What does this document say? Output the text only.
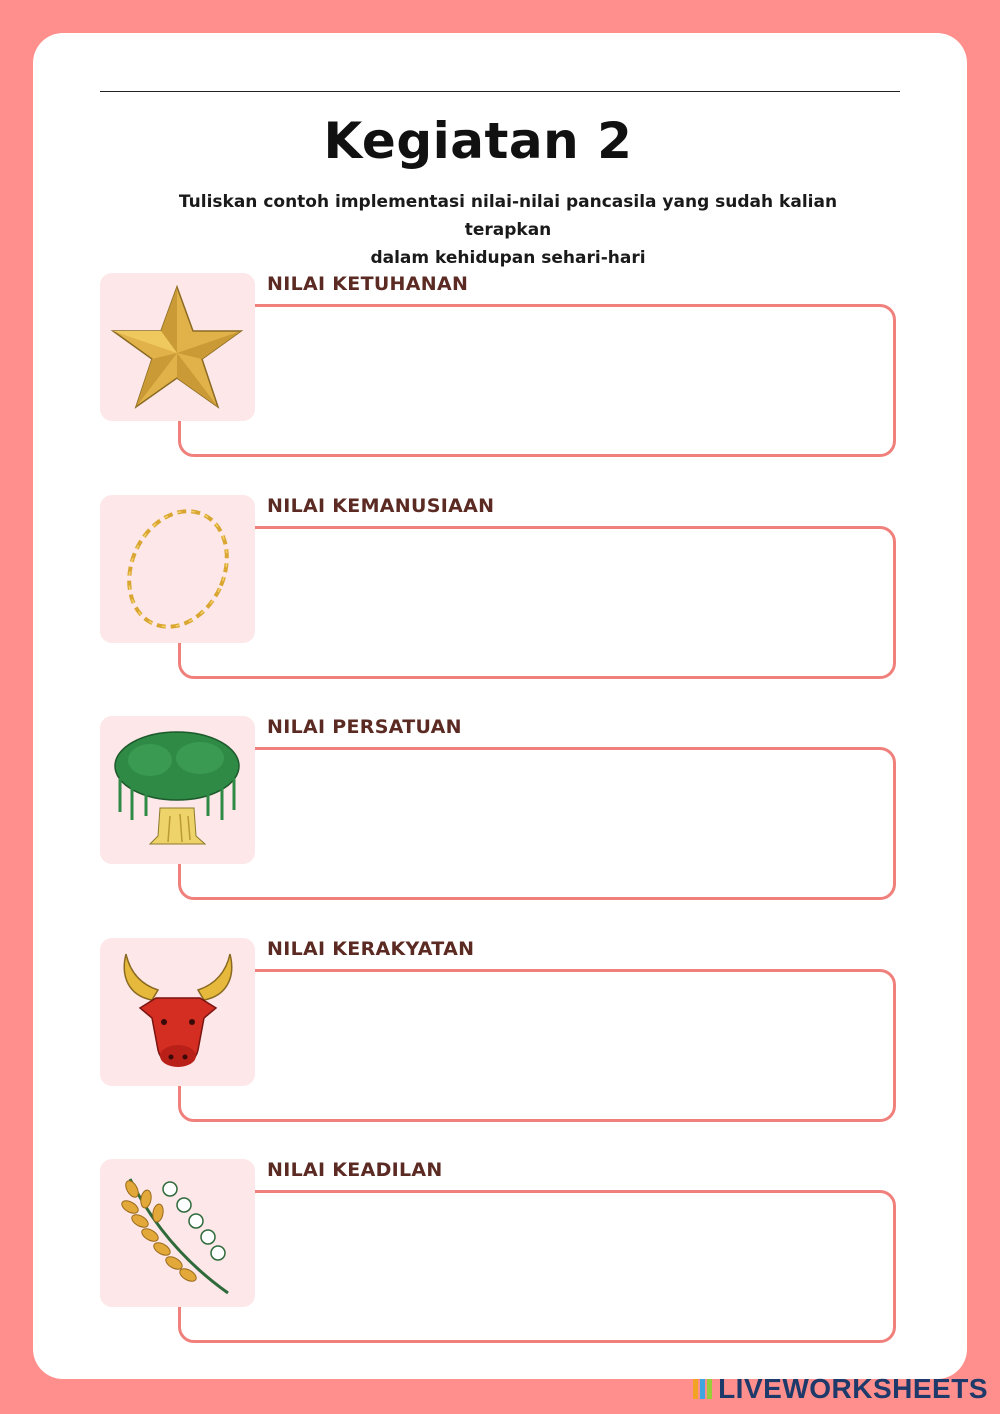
Kegiatan 2
Tuliskan contoh implementasi nilai-nilai pancasila yang sudah kalian terapkan
dalam kehidupan sehari-hari
NILAI KETUHANAN
NILAI KEMANUSIAAN
NILAI PERSATUAN
NILAI KERAKYATAN
NILAI KEADILAN
LIVEWORKSHEETS
